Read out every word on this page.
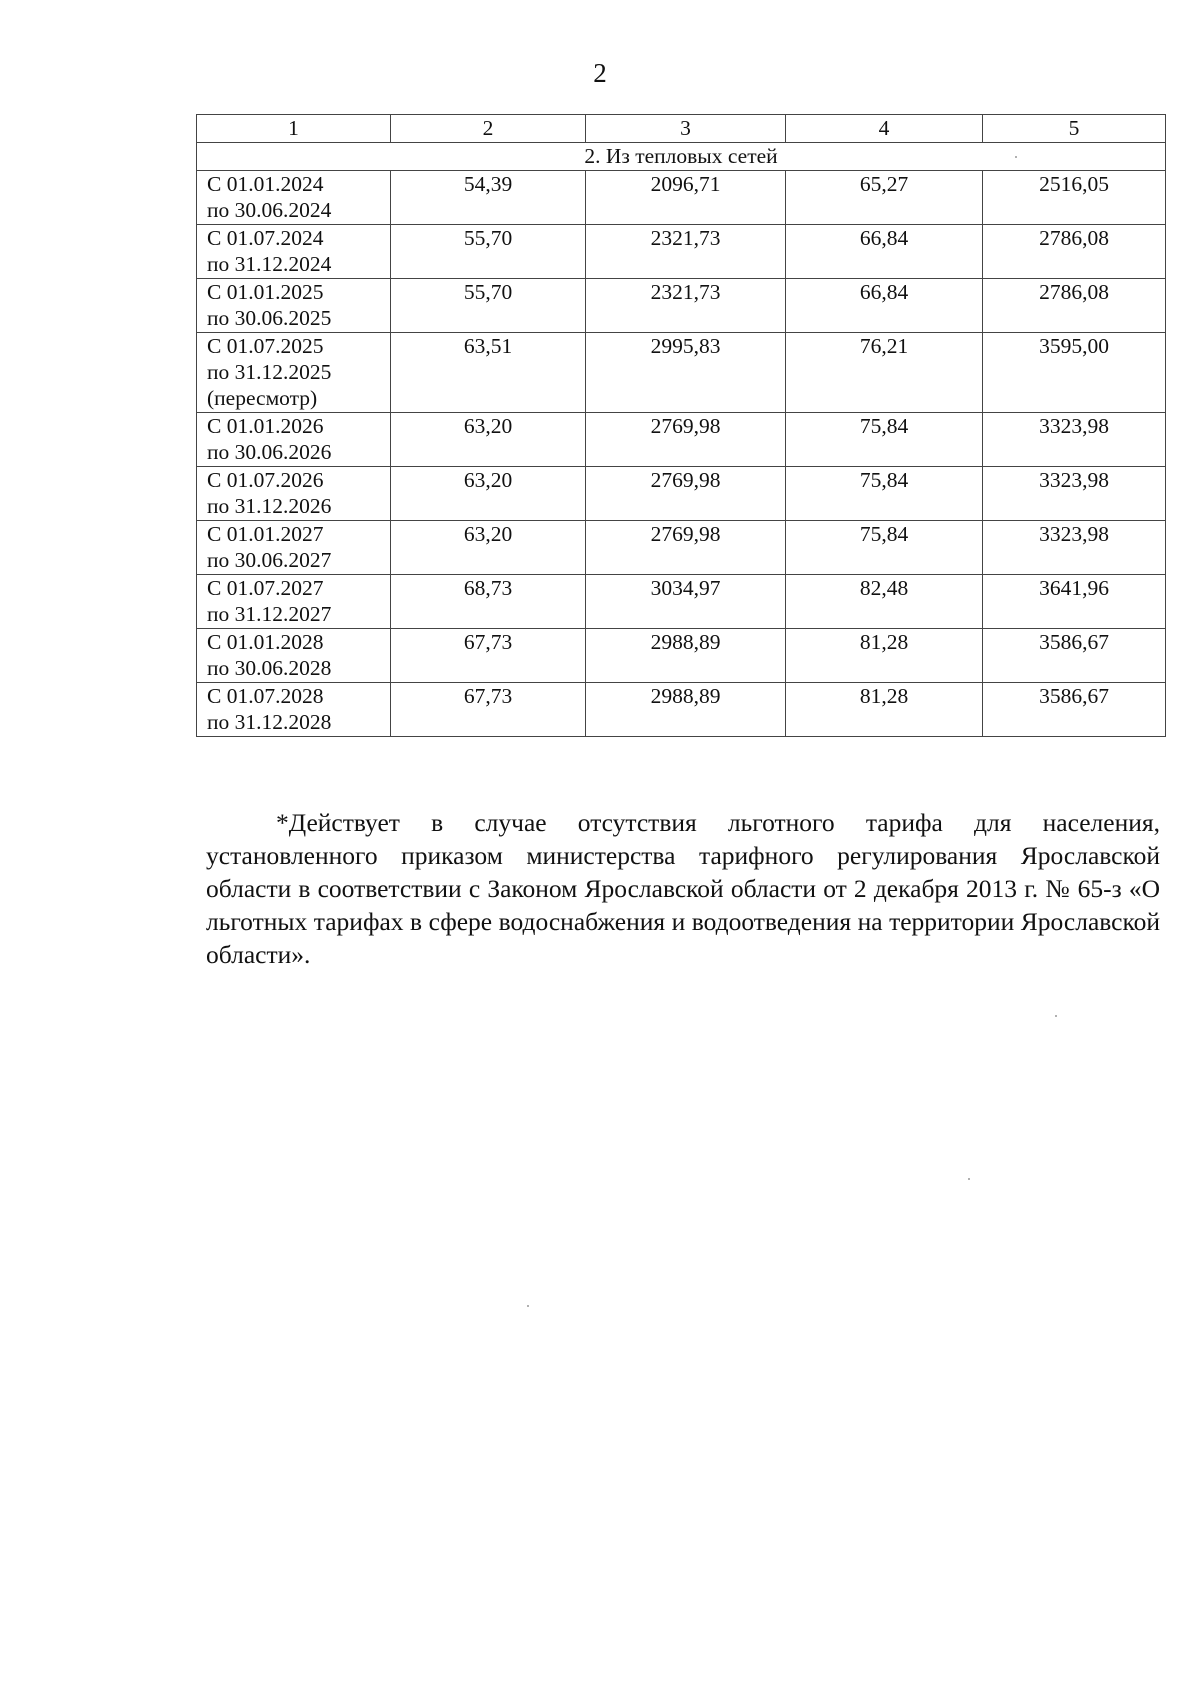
2
1	2	3	4	5
2. Из тепловых сетей				

С 01.01.2024
по 30.06.2024	54,39	2096,71	65,27	2516,05

С 01.07.2024
по 31.12.2024	55,70	2321,73	66,84	2786,08

С 01.01.2025
по 30.06.2025	55,70	2321,73	66,84	2786,08

С 01.07.2025
по 31.12.2025
(пересмотр)	63,51	2995,83	76,21	3595,00

С 01.01.2026
по 30.06.2026	63,20	2769,98	75,84	3323,98

С 01.07.2026
по 31.12.2026	63,20	2769,98	75,84	3323,98

С 01.01.2027
по 30.06.2027	63,20	2769,98	75,84	3323,98

С 01.07.2027
по 31.12.2027	68,73	3034,97	82,48	3641,96

С 01.01.2028
по 30.06.2028	67,73	2988,89	81,28	3586,67

С 01.07.2028
по 31.12.2028	67,73	2988,89	81,28	3586,67
*Действует в случае отсутствия льготного тарифа для населения, установленного приказом министерства тарифного регулирования Ярославской области в соответствии с Законом Ярославской области от 2 декабря 2013 г. № 65-з «О льготных тарифах в сфере водоснабжения и водоотведения на территории Ярославской области».
